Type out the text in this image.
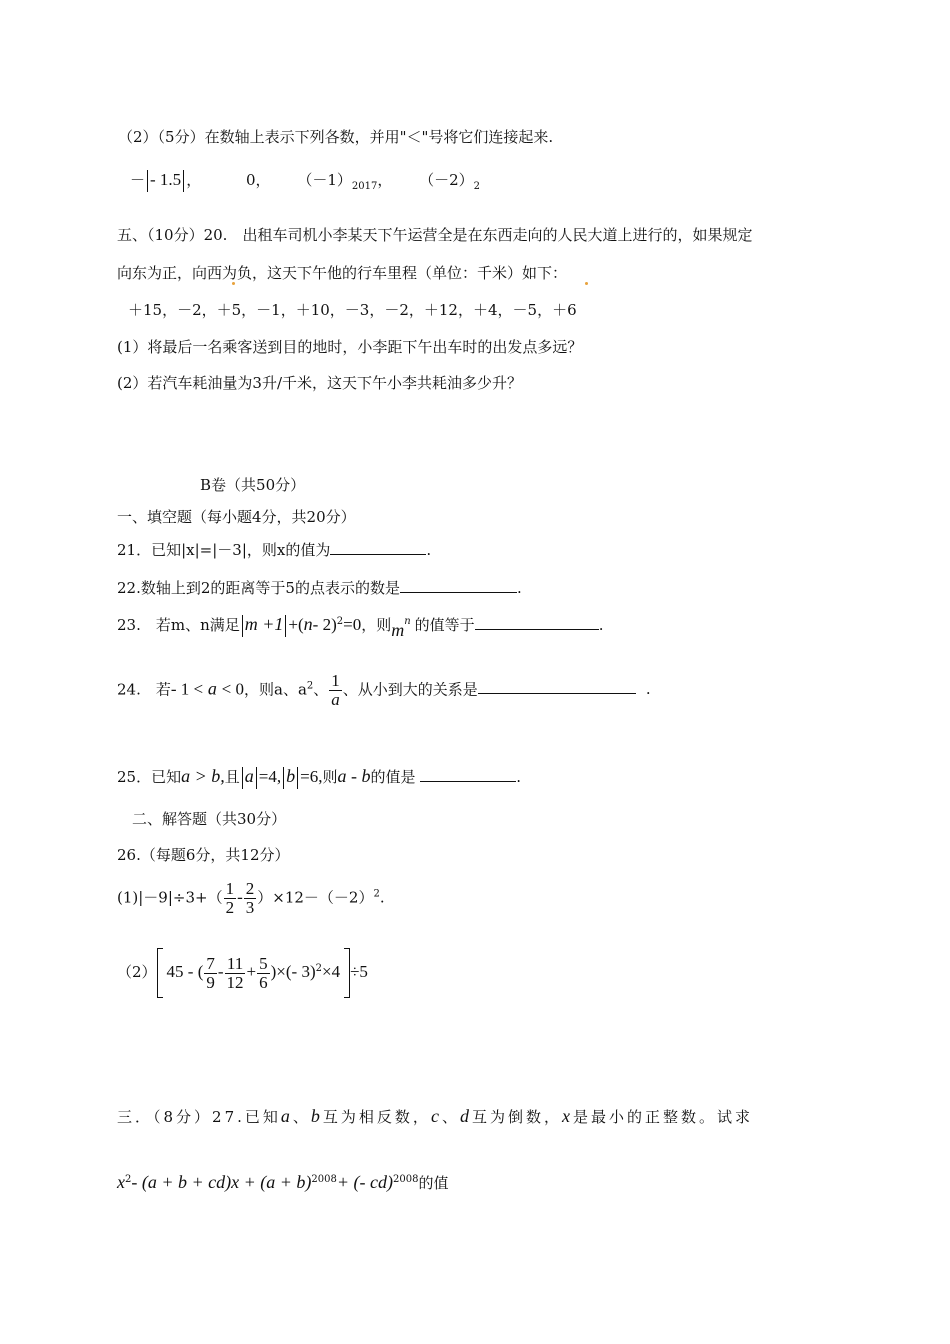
（2）（5分）在数轴上表示下列各数，并用"＜"号将它们连接起来.
－ - 1.5 ，	0， $(-1)_{2017}$， $(-2)_2$
五、（10分）20.　出租车司机小李某天下午运营全是在东西走向的人民大道上进行的，如果规定
向东为正，向西为负，这天下午他的行车里程（单位：千米）如下：
＋15，－2，＋5，－1，＋10，－3，－2，＋12，＋4，－5，＋6
(1）将最后一名乘客送到目的地时，小李距下午出车时的出发点多远？
(2）若汽车耗油量为3升/千米，这天下午小李共耗油多少升？
B卷（共50分）
一、填空题（每小题4分，共20分）
21．已知|x|=|－3|，则x的值为	.
22.数轴上到2的距离等于5的点表示的数是	.
23.　若m、n满足 m +1 +(n- 2)$^2$=0，则$m^n$ 的值等于	.
24.　若- 1 < a < 0，则a、$a^2$、 $\frac{1}{a}$ 、从小到大的关系是	.
25．已知a > b,且 a =4, b =6,则a - b的值是	.
二、解答题（共30分）
26.（每题6分，共12分）
$(1)|-9|\div 3+( \frac{1}{2} - \frac{2}{3} )\times 12-(-2)^2$.
（2） 45 - ( $\frac{7}{9} - \frac{11}{12} + \frac{5}{6}$ )×(- 3)$^2$×4 ÷5
三．（8分）27.已知a、b互为相反数，c、d互为倒数，x是最小的正整数。试求
$x^2-$ $(a + b + cd)x + (a + b)^{2008}+$ (- cd)$^{2008}$的值
